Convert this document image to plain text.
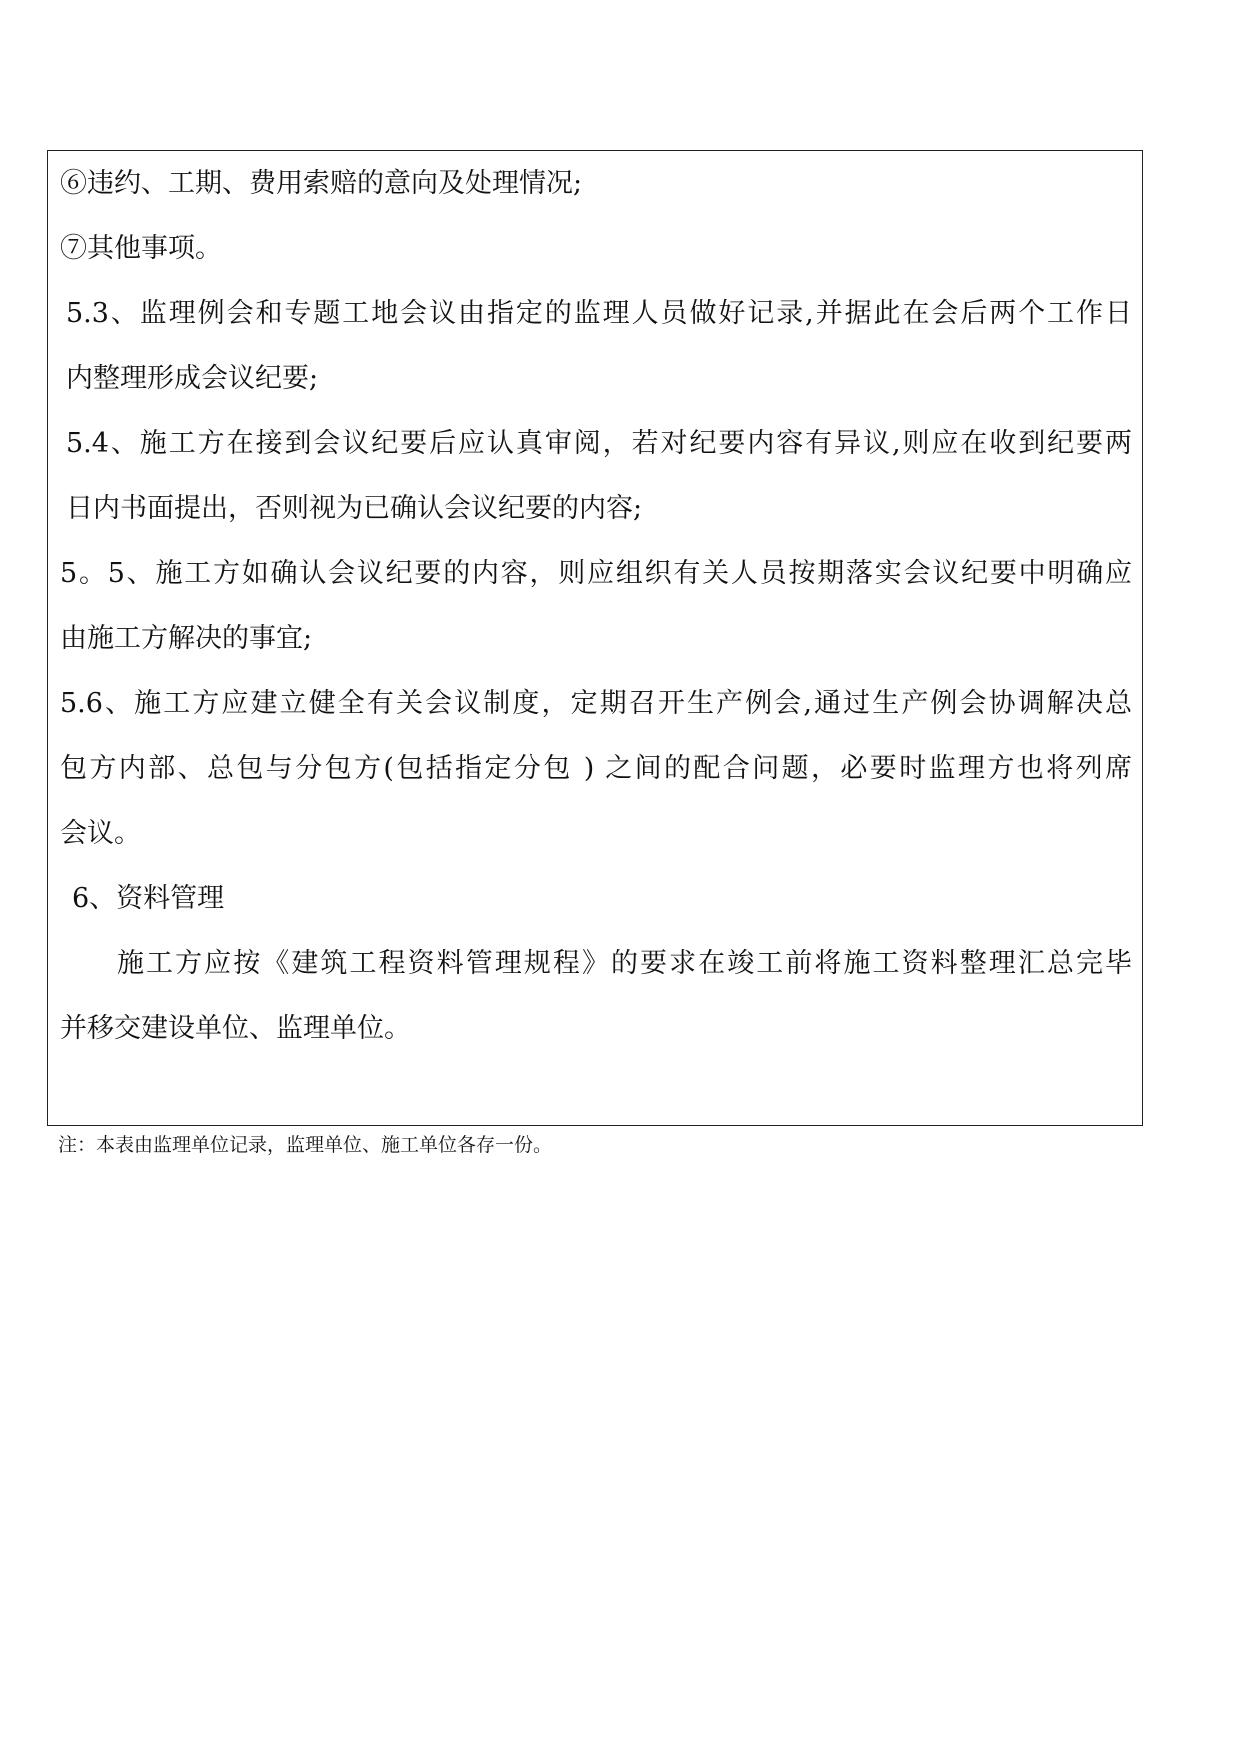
⑥违约、工期、费用索赔的意向及处理情况;
⑦其他事项。
5.3、监理例会和专题工地会议由指定的监理人员做好记录,并据此在会后两个工作日
内整理形成会议纪要;
5.4、施工方在接到会议纪要后应认真审阅，若对纪要内容有异议,则应在收到纪要两
日内书面提出，否则视为已确认会议纪要的内容;
5。5、施工方如确认会议纪要的内容，则应组织有关人员按期落实会议纪要中明确应
由施工方解决的事宜;
5.6、施工方应建立健全有关会议制度，定期召开生产例会,通过生产例会协调解决总
包方内部、总包与分包方(包括指定分包 ) 之间的配合问题，必要时监理方也将列席
会议。
6、资料管理
施工方应按《建筑工程资料管理规程》的要求在竣工前将施工资料整理汇总完毕
并移交建设单位、监理单位。
注：本表由监理单位记录，监理单位、施工单位各存一份。
